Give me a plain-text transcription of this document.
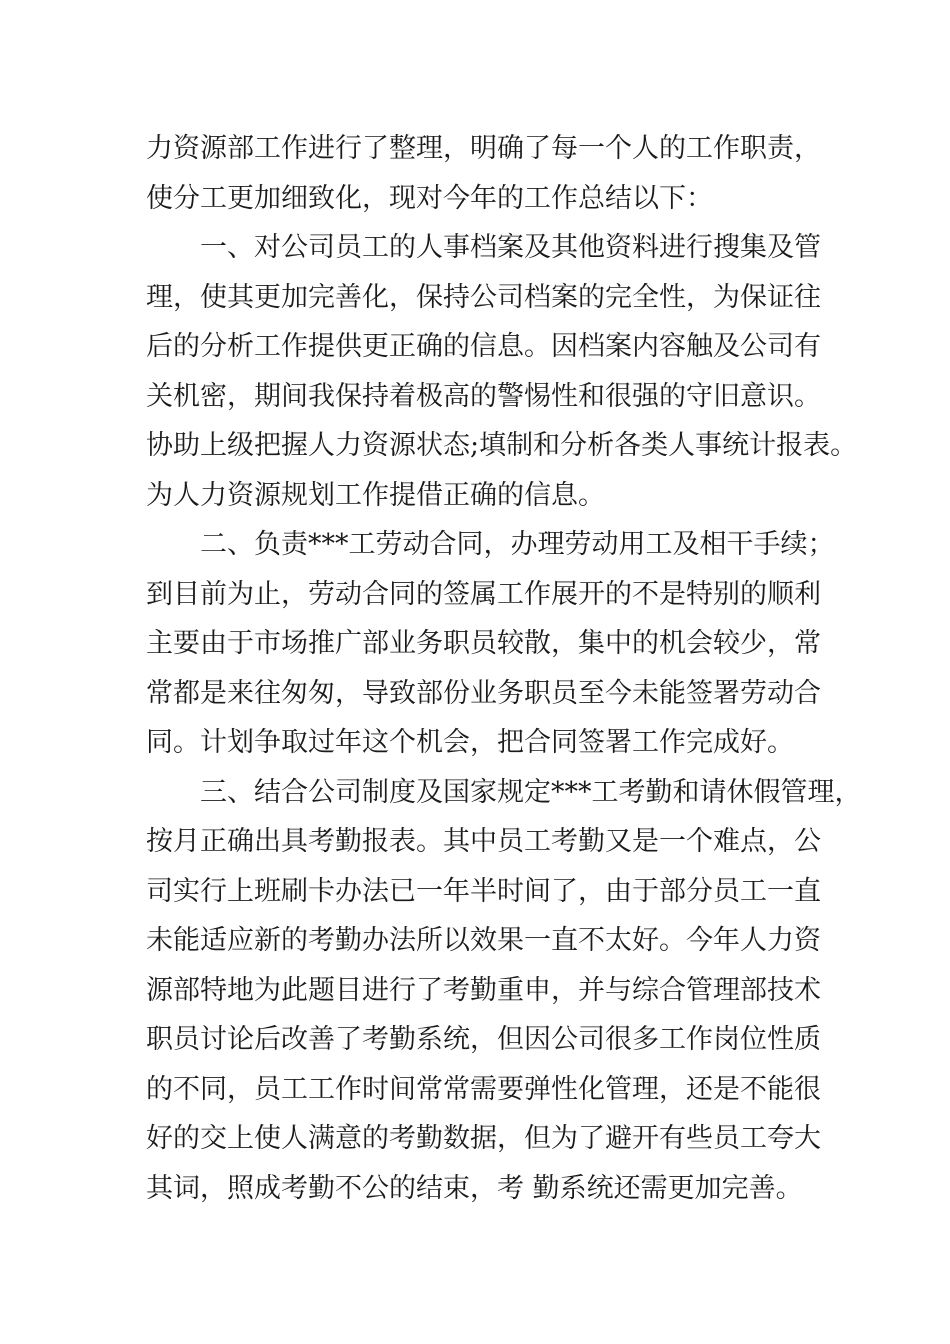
力资源部工作进行了整理，明确了每一个人的工作职责，
使分工更加细致化，现对今年的工作总结以下：
一、对公司员工的人事档案及其他资料进行搜集及管
理，使其更加完善化，保持公司档案的完全性，为保证往
后的分析工作提供更正确的信息。因档案内容触及公司有
关机密，期间我保持着极高的警惕性和很强的守旧意识。
协助上级把握人力资源状态;填制和分析各类人事统计报表。
为人力资源规划工作提借正确的信息。
二、负责***工劳动合同，办理劳动用工及相干手续；
到目前为止，劳动合同的签属工作展开的不是特别的顺利
主要由于市场推广部业务职员较散，集中的机会较少，常
常都是来往匆匆，导致部份业务职员至今未能签署劳动合
同。计划争取过年这个机会，把合同签署工作完成好。
三、结合公司制度及国家规定***工考勤和请休假管理，
按月正确出具考勤报表。其中员工考勤又是一个难点，公
司实行上班刷卡办法已一年半时间了，由于部分员工一直
未能适应新的考勤办法所以效果一直不太好。今年人力资
源部特地为此题目进行了考勤重申，并与综合管理部技术
职员讨论后改善了考勤系统，但因公司很多工作岗位性质
的不同，员工工作时间常常需要弹性化管理，还是不能很
好的交上使人满意的考勤数据，但为了避开有些员工夸大
其词，照成考勤不公的结束，考 勤系统还需更加完善。
